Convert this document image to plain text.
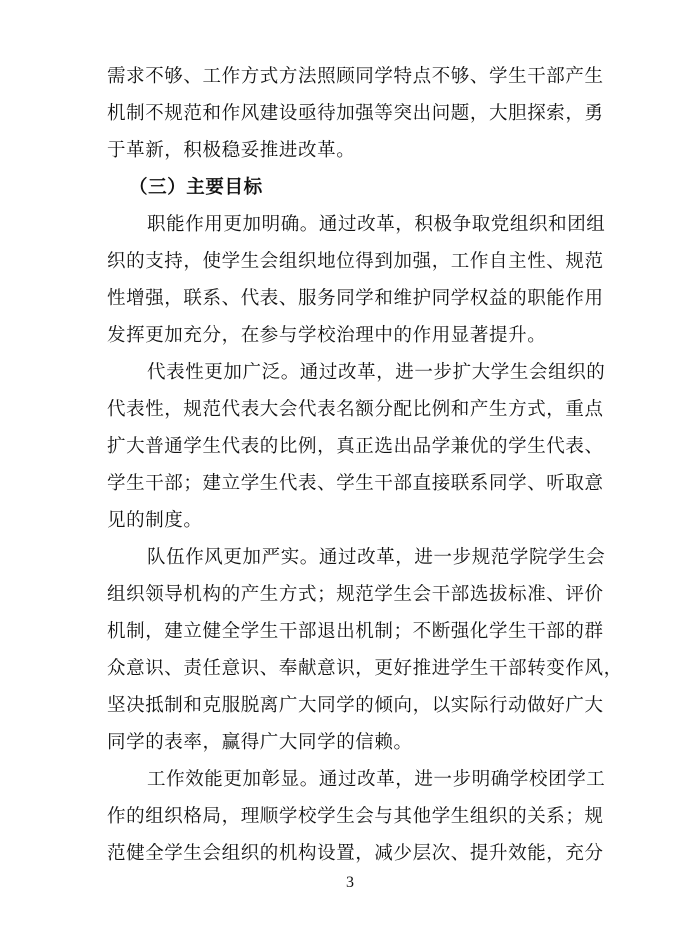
需求不够、工作方式方法照顾同学特点不够、学生干部产生
机制不规范和作风建设亟待加强等突出问题，大胆探索，勇
于革新，积极稳妥推进改革。

（三）主要目标

职能作用更加明确。通过改革，积极争取党组织和团组
织的支持，使学生会组织地位得到加强，工作自主性、规范
性增强，联系、代表、服务同学和维护同学权益的职能作用
发挥更加充分，在参与学校治理中的作用显著提升。

代表性更加广泛。通过改革，进一步扩大学生会组织的
代表性，规范代表大会代表名额分配比例和产生方式，重点
扩大普通学生代表的比例，真正选出品学兼优的学生代表、
学生干部；建立学生代表、学生干部直接联系同学、听取意
见的制度。

队伍作风更加严实。通过改革，进一步规范学院学生会
组织领导机构的产生方式；规范学生会干部选拔标准、评价
机制，建立健全学生干部退出机制；不断强化学生干部的群
众意识、责任意识、奉献意识，更好推进学生干部转变作风，
坚决抵制和克服脱离广大同学的倾向，以实际行动做好广大
同学的表率，赢得广大同学的信赖。

工作效能更加彰显。通过改革，进一步明确学校团学工
作的组织格局，理顺学校学生会与其他学生组织的关系；规
范健全学生会组织的机构设置，减少层次、提升效能，充分

3
